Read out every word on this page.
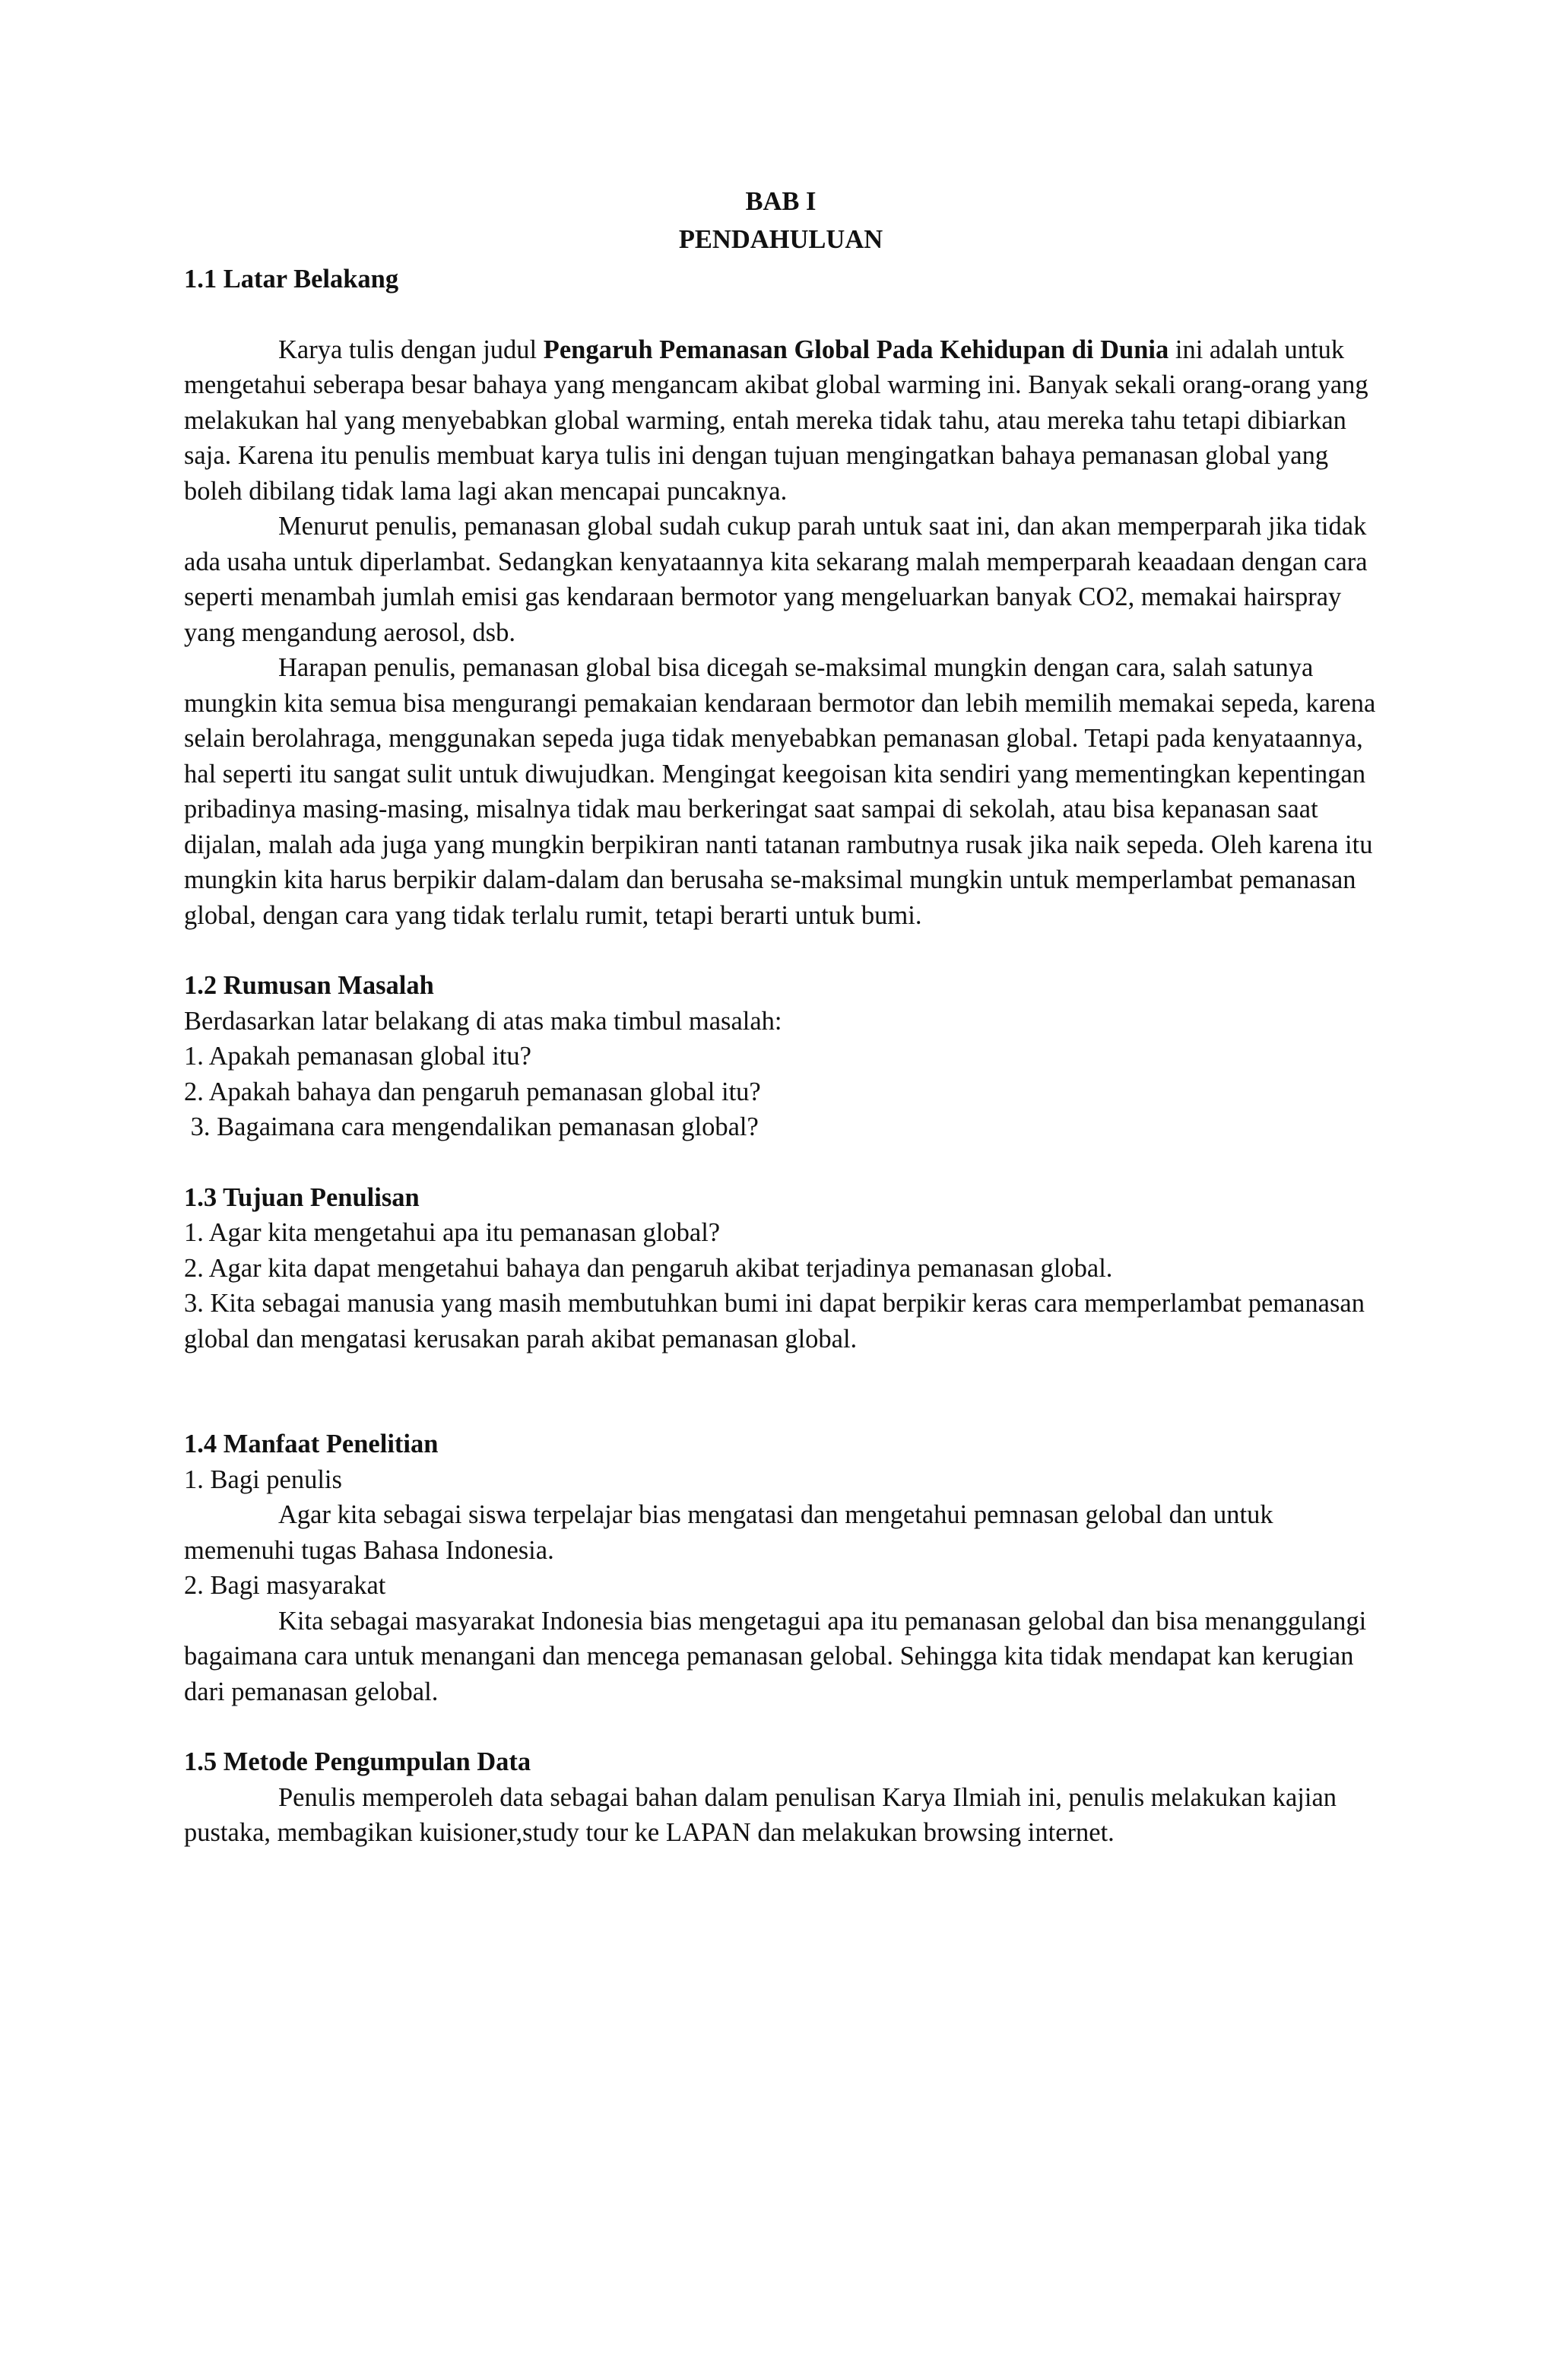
BAB I
PENDAHULUAN
1.1 Latar Belakang

Karya tulis dengan judul Pengaruh Pemanasan Global Pada Kehidupan di Dunia ini adalah untuk mengetahui seberapa besar bahaya yang mengancam akibat global warming ini. Banyak sekali orang-orang yang melakukan hal yang menyebabkan global warming, entah mereka tidak tahu, atau mereka tahu tetapi dibiarkan saja. Karena itu penulis membuat karya tulis ini dengan tujuan mengingatkan bahaya pemanasan global yang boleh dibilang tidak lama lagi akan mencapai puncaknya.

Menurut penulis, pemanasan global sudah cukup parah untuk saat ini, dan akan memperparah jika tidak ada usaha untuk diperlambat. Sedangkan kenyataannya kita sekarang malah memperparah keaadaan dengan cara seperti menambah jumlah emisi gas kendaraan bermotor yang mengeluarkan banyak CO2, memakai hairspray yang mengandung aerosol, dsb.

Harapan penulis, pemanasan global bisa dicegah se-maksimal mungkin dengan cara, salah satunya mungkin kita semua bisa mengurangi pemakaian kendaraan bermotor dan lebih memilih memakai sepeda, karena selain berolahraga, menggunakan sepeda juga tidak menyebabkan pemanasan global. Tetapi pada kenyataannya, hal seperti itu sangat sulit untuk diwujudkan. Mengingat keegoisan kita sendiri yang mementingkan kepentingan pribadinya masing-masing, misalnya tidak mau berkeringat saat sampai di sekolah, atau bisa kepanasan saat dijalan, malah ada juga yang mungkin berpikiran nanti tatanan rambutnya rusak jika naik sepeda. Oleh karena itu mungkin kita harus berpikir dalam-dalam dan berusaha se-maksimal mungkin untuk memperlambat pemanasan global, dengan cara yang tidak terlalu rumit, tetapi berarti untuk bumi.

1.2 Rumusan Masalah

Berdasarkan latar belakang di atas maka timbul masalah:

1. Apakah pemanasan global itu?

2. Apakah bahaya dan pengaruh pemanasan global itu?

3. Bagaimana cara mengendalikan pemanasan global?

1.3 Tujuan Penulisan

1. Agar kita mengetahui apa itu pemanasan global?

2. Agar kita dapat mengetahui bahaya dan pengaruh akibat terjadinya pemanasan global.

3. Kita sebagai manusia yang masih membutuhkan bumi ini dapat berpikir keras cara memperlambat pemanasan global dan mengatasi kerusakan parah akibat pemanasan global.

1.4 Manfaat Penelitian

1. Bagi penulis

Agar kita sebagai siswa terpelajar bias mengatasi dan mengetahui pemnasan gelobal dan untuk memenuhi tugas Bahasa Indonesia.

2. Bagi masyarakat

Kita sebagai masyarakat Indonesia bias mengetagui apa itu pemanasan gelobal dan bisa menanggulangi bagaimana cara untuk menangani dan mencega pemanasan gelobal. Sehingga kita tidak mendapat kan kerugian dari pemanasan gelobal.

1.5 Metode Pengumpulan Data

Penulis memperoleh data sebagai bahan dalam penulisan Karya Ilmiah ini, penulis melakukan kajian pustaka, membagikan kuisioner,study tour ke LAPAN dan melakukan browsing internet.
